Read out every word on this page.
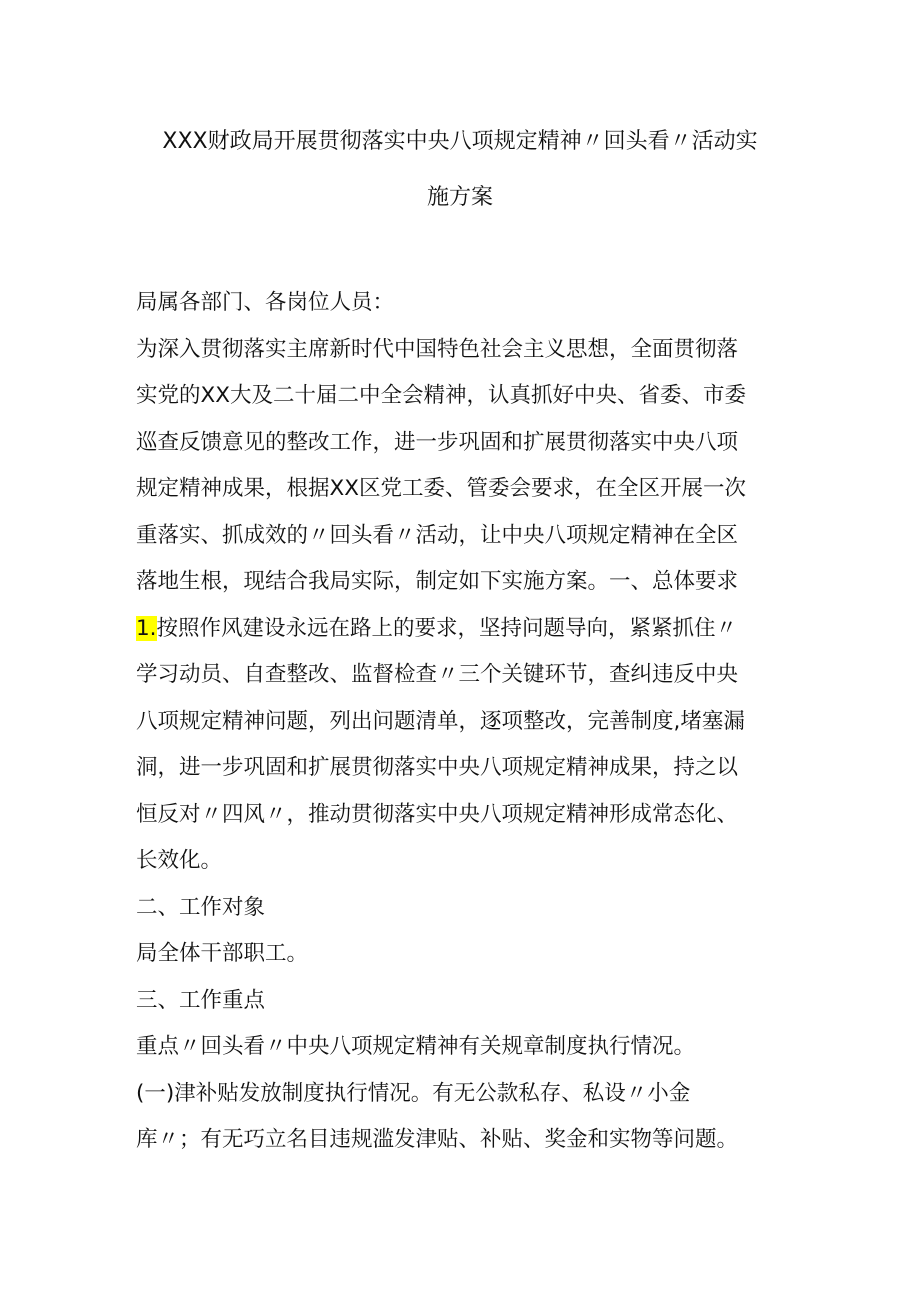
XXX财政局开展贯彻落实中央八项规定精神〃回头看〃活动实
施方案
局属各部门、各岗位人员：
为深入贯彻落实主席新时代中国特色社会主义思想，全面贯彻落
实党的XX大及二十届二中全会精神，认真抓好中央、省委、市委
巡查反馈意见的整改工作，进一步巩固和扩展贯彻落实中央八项
规定精神成果，根据XX区党工委、管委会要求，在全区开展一次
重落实、抓成效的〃回头看〃活动，让中央八项规定精神在全区
落地生根，现结合我局实际，制定如下实施方案。一、总体要求
1.按照作风建设永远在路上的要求，坚持问题导向，紧紧抓住〃
学习动员、自查整改、监督检查〃三个关键环节，查纠违反中央
八项规定精神问题，列出问题清单，逐项整改，完善制度,堵塞漏
洞，进一步巩固和扩展贯彻落实中央八项规定精神成果，持之以
恒反对〃四风〃，推动贯彻落实中央八项规定精神形成常态化、
长效化。
二、工作对象
局全体干部职工。
三、工作重点
重点〃回头看〃中央八项规定精神有关规章制度执行情况。
(一)津补贴发放制度执行情况。有无公款私存、私设〃小金
库〃；有无巧立名目违规滥发津贴、补贴、奖金和实物等问题。
